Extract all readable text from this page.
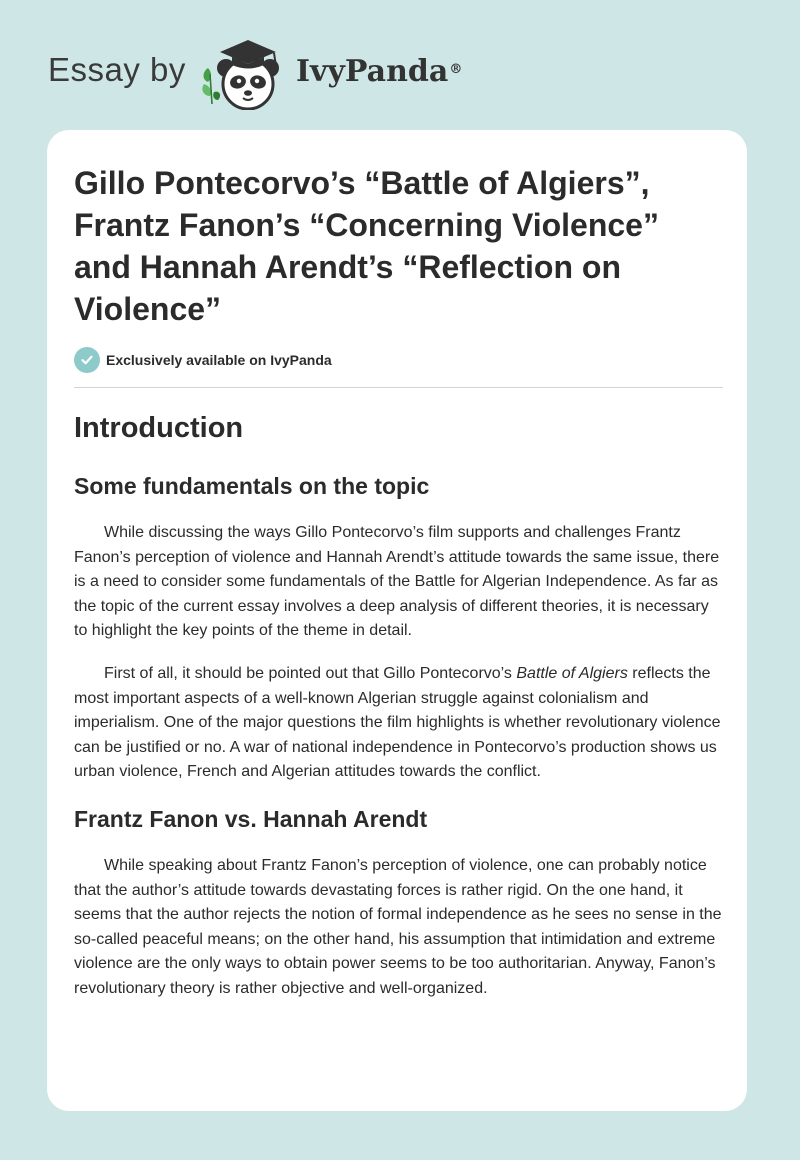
Essay by	IvyPanda®
Gillo Pontecorvo’s “Battle of Algiers”, Frantz Fanon’s “Concerning Violence” and Hannah Arendt’s “Reflection on Violence”
Exclusively available on IvyPanda
Introduction
Some fundamentals on the topic

While discussing the ways Gillo Pontecorvo’s film supports and challenges Frantz Fanon’s perception of violence and Hannah Arendt’s attitude towards the same issue, there is a need to consider some fundamentals of the Battle for Algerian Independence. As far as the topic of the current essay involves a deep analysis of different theories, it is necessary to highlight the key points of the theme in detail.

First of all, it should be pointed out that Gillo Pontecorvo’s Battle of Algiers reflects the most important aspects of a well-known Algerian struggle against colonialism and imperialism. One of the major questions the film highlights is whether revolutionary violence can be justified or no. A war of national independence in Pontecorvo’s production shows us urban violence, French and Algerian attitudes towards the conflict.

Frantz Fanon vs. Hannah Arendt

While speaking about Frantz Fanon’s perception of violence, one can probably notice that the author’s attitude towards devastating forces is rather rigid. On the one hand, it seems that the author rejects the notion of formal independence as he sees no sense in the so-called peaceful means; on the other hand, his assumption that intimidation and extreme violence are the only ways to obtain power seems to be too authoritarian. Anyway, Fanon’s revolutionary theory is rather objective and well-organized.
